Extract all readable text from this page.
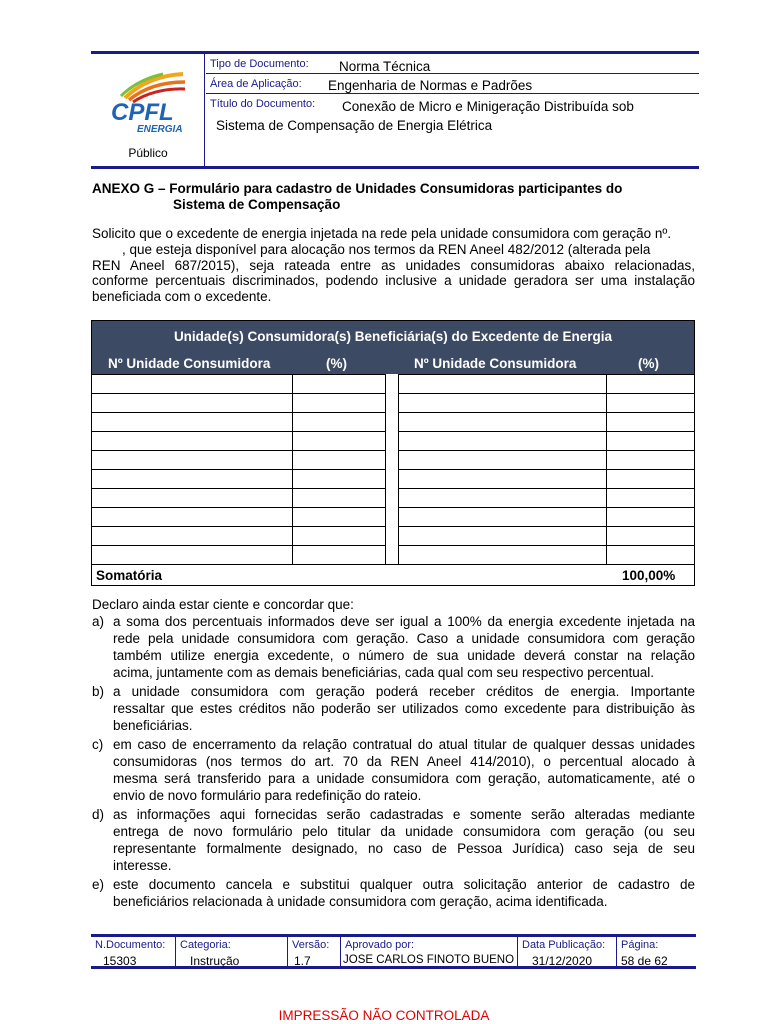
CPFL
ENERGIA
Público
Tipo de Documento: Norma Técnica
Área de Aplicação: Engenharia de Normas e Padrões
Título do Documento: Conexão de Micro e Minigeração Distribuída sob
Sistema de Compensação de Energia Elétrica
ANEXO G – Formulário para cadastro de Unidades Consumidoras participantes do
Sistema de Compensação
Solicito que o excedente de energia injetada na rede pela unidade consumidora com geração nº.
, que esteja disponível para alocação nos termos da REN Aneel 482/2012 (alterada pela
REN Aneel 687/2015), seja rateada entre as unidades consumidoras abaixo relacionadas,
conforme percentuais discriminados, podendo inclusive a unidade geradora ser uma instalação
beneficiada com o excedente.
Unidade(s) Consumidora(s) Beneficiária(s) do Excedente de Energia
Nº Unidade Consumidora	(%)	Nº Unidade Consumidora	(%)
Somatória	100,00%
Declaro ainda estar ciente e concordar que:
a) a soma dos percentuais informados deve ser igual a 100% da energia excedente injetada na
rede pela unidade consumidora com geração. Caso a unidade consumidora com geração
também utilize energia excedente, o número de sua unidade deverá constar na relação
acima, juntamente com as demais beneficiárias, cada qual com seu respectivo percentual.
b) a unidade consumidora com geração poderá receber créditos de energia. Importante
ressaltar que estes créditos não poderão ser utilizados como excedente para distribuição às
beneficiárias.
c) em caso de encerramento da relação contratual do atual titular de qualquer dessas unidades
consumidoras (nos termos do art. 70 da REN Aneel 414/2010), o percentual alocado à
mesma será transferido para a unidade consumidora com geração, automaticamente, até o
envio de novo formulário para redefinição do rateio.
d) as informações aqui fornecidas serão cadastradas e somente serão alteradas mediante
entrega de novo formulário pelo titular da unidade consumidora com geração (ou seu
representante formalmente designado, no caso de Pessoa Jurídica) caso seja de seu
interesse.
e) este documento cancela e substitui qualquer outra solicitação anterior de cadastro de
beneficiários relacionada à unidade consumidora com geração, acima identificada.
N.Documento:
15303
Categoria:
Instrução
Versão:
1.7
Aprovado por:
JOSE CARLOS FINOTO BUENO
Data Publicação:
31/12/2020
Página:
58 de 62
IMPRESSÃO NÃO CONTROLADA
